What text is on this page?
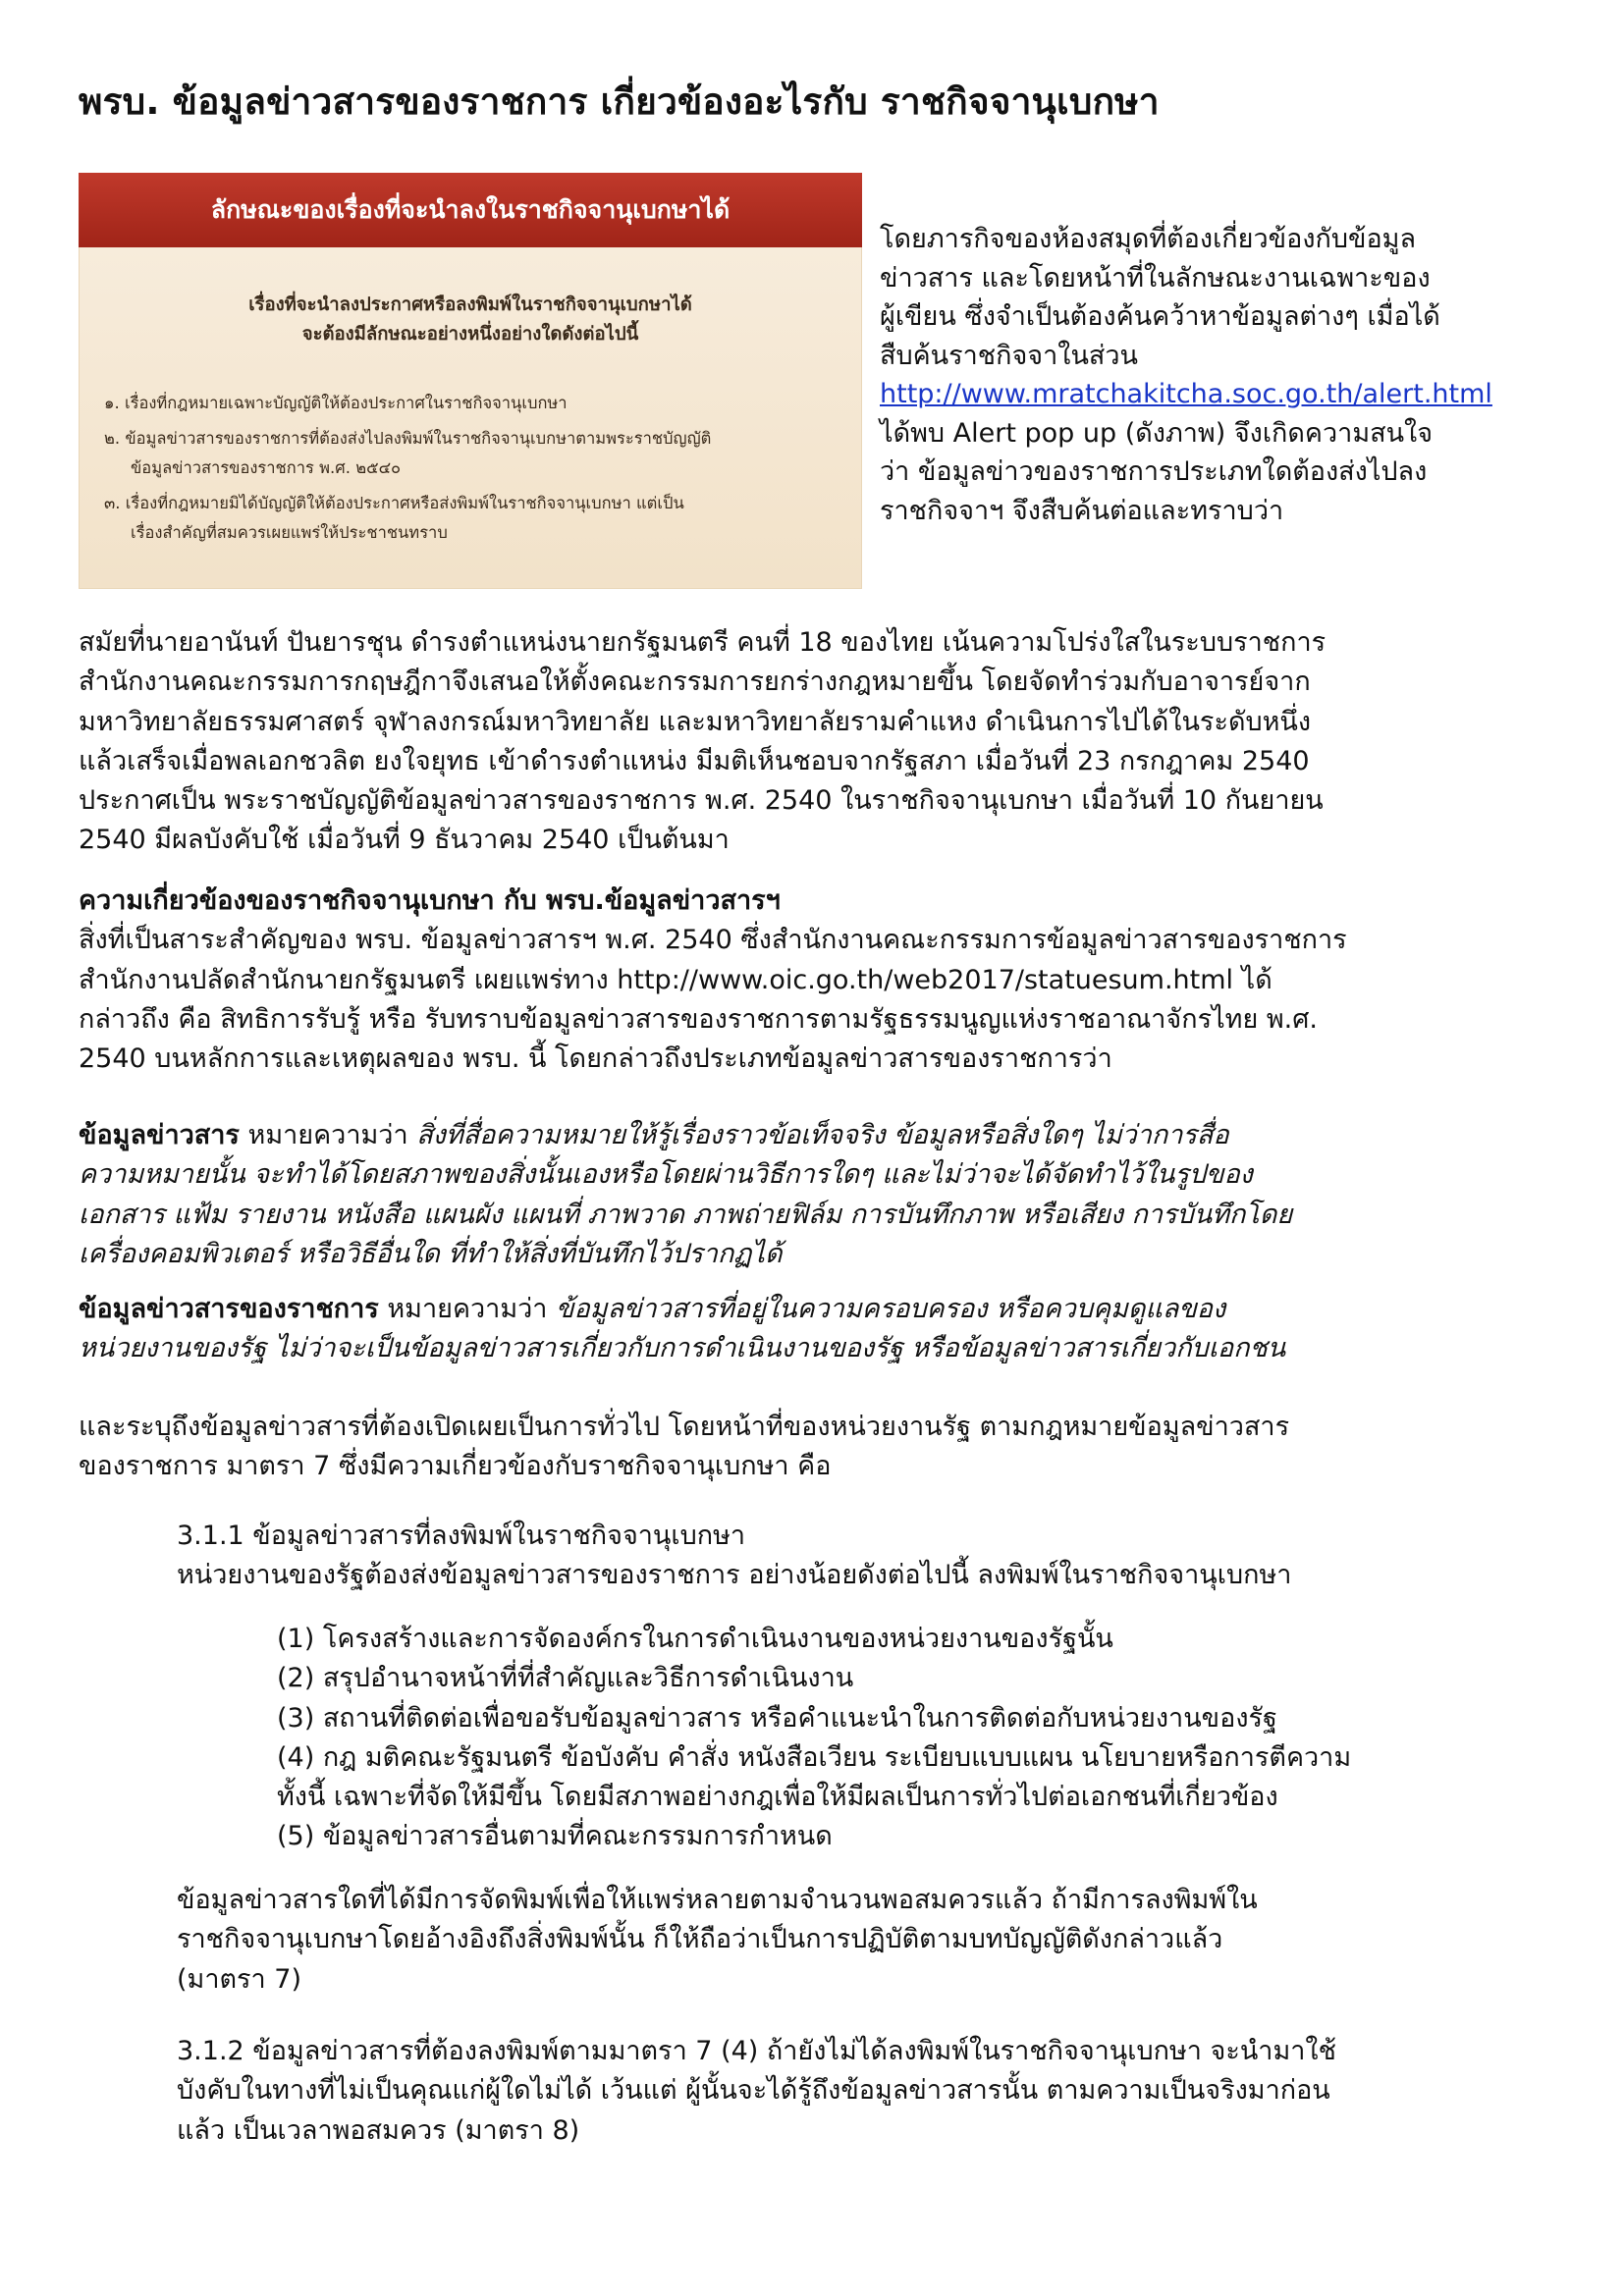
พรบ. ข้อมูลข่าวสารของราชการ เกี่ยวข้องอะไรกับ ราชกิจจานุเบกษา
ลักษณะของเรื่องที่จะนำลงในราชกิจจานุเบกษาได้
เรื่องที่จะนำลงประกาศหรือลงพิมพ์ในราชกิจจานุเบกษาได้
จะต้องมีลักษณะอย่างหนึ่งอย่างใดดังต่อไปนี้
๑. เรื่องที่กฎหมายเฉพาะบัญญัติให้ต้องประกาศในราชกิจจานุเบกษา
๒. ข้อมูลข่าวสารของราชการที่ต้องส่งไปลงพิมพ์ในราชกิจจานุเบกษาตามพระราชบัญญัติ
ข้อมูลข่าวสารของราชการ พ.ศ. ๒๕๔๐
๓. เรื่องที่กฎหมายมิได้บัญญัติให้ต้องประกาศหรือส่งพิมพ์ในราชกิจจานุเบกษา แต่เป็น
เรื่องสำคัญที่สมควรเผยแพร่ให้ประชาชนทราบ
โดยภารกิจของห้องสมุดที่ต้องเกี่ยวข้องกับข้อมูล
ข่าวสาร และโดยหน้าที่ในลักษณะงานเฉพาะของ
ผู้เขียน ซึ่งจำเป็นต้องค้นคว้าหาข้อมูลต่างๆ เมื่อได้
สืบค้นราชกิจจาในส่วน
http://www.mratchakitcha.soc.go.th/alert.html
ได้พบ Alert pop up (ดังภาพ) จึงเกิดความสนใจ
ว่า ข้อมูลข่าวของราชการประเภทใดต้องส่งไปลง
ราชกิจจาฯ จึงสืบค้นต่อและทราบว่า
สมัยที่นายอานันท์ ปันยารชุน ดำรงตำแหน่งนายกรัฐมนตรี คนที่ 18 ของไทย เน้นความโปร่งใสในระบบราชการ
สำนักงานคณะกรรมการกฤษฎีกาจึงเสนอให้ตั้งคณะกรรมการยกร่างกฎหมายขึ้น โดยจัดทำร่วมกับอาจารย์จาก
มหาวิทยาลัยธรรมศาสตร์ จุฬาลงกรณ์มหาวิทยาลัย และมหาวิทยาลัยรามคำแหง ดำเนินการไปได้ในระดับหนึ่ง
แล้วเสร็จเมื่อพลเอกชวลิต ยงใจยุทธ เข้าดำรงตำแหน่ง มีมติเห็นชอบจากรัฐสภา เมื่อวันที่ 23 กรกฎาคม 2540
ประกาศเป็น พระราชบัญญัติข้อมูลข่าวสารของราชการ พ.ศ. 2540 ในราชกิจจานุเบกษา เมื่อวันที่ 10 กันยายน
2540 มีผลบังคับใช้ เมื่อวันที่ 9 ธันวาคม 2540 เป็นต้นมา
ความเกี่ยวข้องของราชกิจจานุเบกษา กับ พรบ.ข้อมูลข่าวสารฯ
สิ่งที่เป็นสาระสำคัญของ พรบ. ข้อมูลข่าวสารฯ พ.ศ. 2540 ซึ่งสำนักงานคณะกรรมการข้อมูลข่าวสารของราชการ
สำนักงานปลัดสำนักนายกรัฐมนตรี เผยแพร่ทาง http://www.oic.go.th/web2017/statuesum.html ได้
กล่าวถึง คือ สิทธิการรับรู้ หรือ รับทราบข้อมูลข่าวสารของราชการตามรัฐธรรมนูญแห่งราชอาณาจักรไทย พ.ศ.
2540 บนหลักการและเหตุผลของ พรบ. นี้ โดยกล่าวถึงประเภทข้อมูลข่าวสารของราชการว่า
ข้อมูลข่าวสาร หมายความว่า สิ่งที่สื่อความหมายให้รู้เรื่องราวข้อเท็จจริง ข้อมูลหรือสิ่งใดๆ ไม่ว่าการสื่อ
ความหมายนั้น จะทำได้โดยสภาพของสิ่งนั้นเองหรือโดยผ่านวิธีการใดๆ และไม่ว่าจะได้จัดทำไว้ในรูปของ
เอกสาร แฟ้ม รายงาน หนังสือ แผนผัง แผนที่ ภาพวาด ภาพถ่ายฟิล์ม การบันทึกภาพ หรือเสียง การบันทึกโดย
เครื่องคอมพิวเตอร์ หรือวิธีอื่นใด ที่ทำให้สิ่งที่บันทึกไว้ปรากฏได้
ข้อมูลข่าวสารของราชการ หมายความว่า ข้อมูลข่าวสารที่อยู่ในความครอบครอง หรือควบคุมดูแลของ
หน่วยงานของรัฐ ไม่ว่าจะเป็นข้อมูลข่าวสารเกี่ยวกับการดำเนินงานของรัฐ หรือข้อมูลข่าวสารเกี่ยวกับเอกชน
และระบุถึงข้อมูลข่าวสารที่ต้องเปิดเผยเป็นการทั่วไป โดยหน้าที่ของหน่วยงานรัฐ ตามกฎหมายข้อมูลข่าวสาร
ของราชการ มาตรา 7 ซึ่งมีความเกี่ยวข้องกับราชกิจจานุเบกษา คือ
3.1.1 ข้อมูลข่าวสารที่ลงพิมพ์ในราชกิจจานุเบกษา
หน่วยงานของรัฐต้องส่งข้อมูลข่าวสารของราชการ อย่างน้อยดังต่อไปนี้ ลงพิมพ์ในราชกิจจานุเบกษา
(1) โครงสร้างและการจัดองค์กรในการดำเนินงานของหน่วยงานของรัฐนั้น
(2) สรุปอำนาจหน้าที่ที่สำคัญและวิธีการดำเนินงาน
(3) สถานที่ติดต่อเพื่อขอรับข้อมูลข่าวสาร หรือคำแนะนำในการติดต่อกับหน่วยงานของรัฐ
(4) กฎ มติคณะรัฐมนตรี ข้อบังคับ คำสั่ง หนังสือเวียน ระเบียบแบบแผน นโยบายหรือการตีความ
ทั้งนี้ เฉพาะที่จัดให้มีขึ้น โดยมีสภาพอย่างกฎเพื่อให้มีผลเป็นการทั่วไปต่อเอกชนที่เกี่ยวข้อง
(5) ข้อมูลข่าวสารอื่นตามที่คณะกรรมการกำหนด
ข้อมูลข่าวสารใดที่ได้มีการจัดพิมพ์เพื่อให้แพร่หลายตามจำนวนพอสมควรแล้ว ถ้ามีการลงพิมพ์ใน
ราชกิจจานุเบกษาโดยอ้างอิงถึงสิ่งพิมพ์นั้น ก็ให้ถือว่าเป็นการปฏิบัติตามบทบัญญัติดังกล่าวแล้ว
(มาตรา 7)
3.1.2 ข้อมูลข่าวสารที่ต้องลงพิมพ์ตามมาตรา 7 (4) ถ้ายังไม่ได้ลงพิมพ์ในราชกิจจานุเบกษา จะนำมาใช้
บังคับในทางที่ไม่เป็นคุณแก่ผู้ใดไม่ได้ เว้นแต่ ผู้นั้นจะได้รู้ถึงข้อมูลข่าวสารนั้น ตามความเป็นจริงมาก่อน
แล้ว เป็นเวลาพอสมควร (มาตรา 8)
